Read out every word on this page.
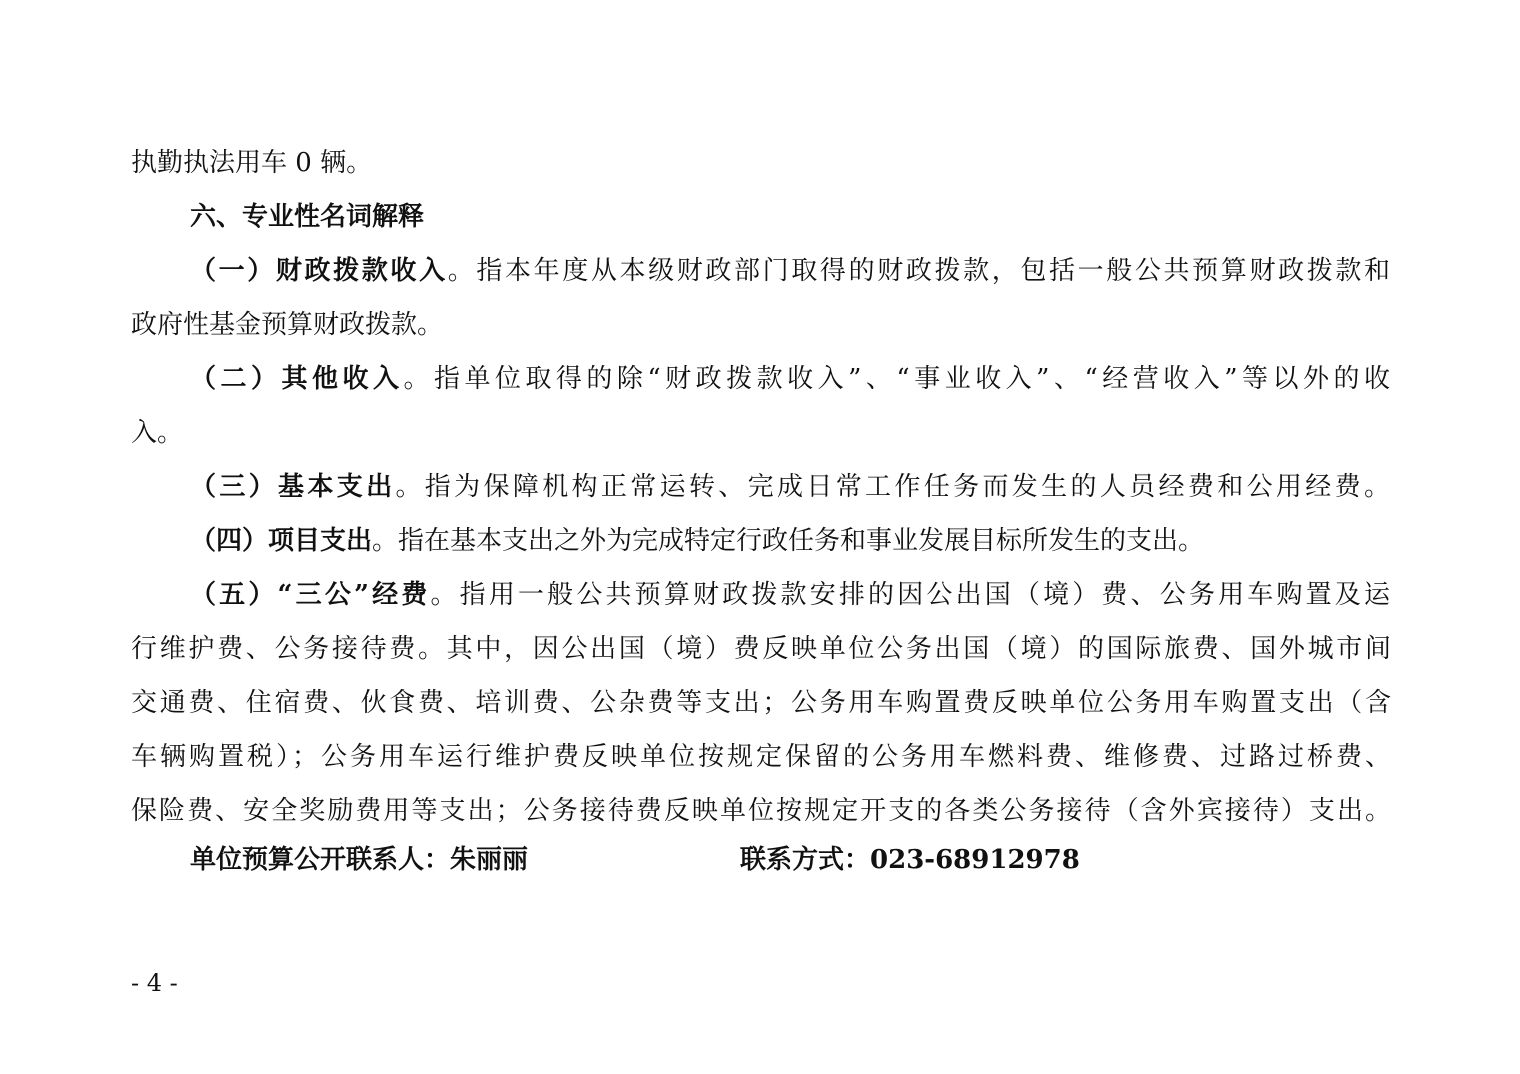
执勤执法用车 0 辆。
六、专业性名词解释
（一）财政拨款收入。指本年度从本级财政部门取得的财政拨款，包括一般公共预算财政拨款和
政府性基金预算财政拨款。
（二）其他收入。指单位取得的除“财政拨款收入”、“事业收入”、“经营收入”等以外的收
入。
（三）基本支出。指为保障机构正常运转、完成日常工作任务而发生的人员经费和公用经费。
（四）项目支出。指在基本支出之外为完成特定行政任务和事业发展目标所发生的支出。
（五）“三公”经费。指用一般公共预算财政拨款安排的因公出国（境）费、公务用车购置及运
行维护费、公务接待费。其中，因公出国（境）费反映单位公务出国（境）的国际旅费、国外城市间
交通费、住宿费、伙食费、培训费、公杂费等支出；公务用车购置费反映单位公务用车购置支出（含
车辆购置税）；公务用车运行维护费反映单位按规定保留的公务用车燃料费、维修费、过路过桥费、
保险费、安全奖励费用等支出；公务接待费反映单位按规定开支的各类公务接待（含外宾接待）支出。
单位预算公开联系人：朱丽丽	联系方式：023-68912978
- 4 -
